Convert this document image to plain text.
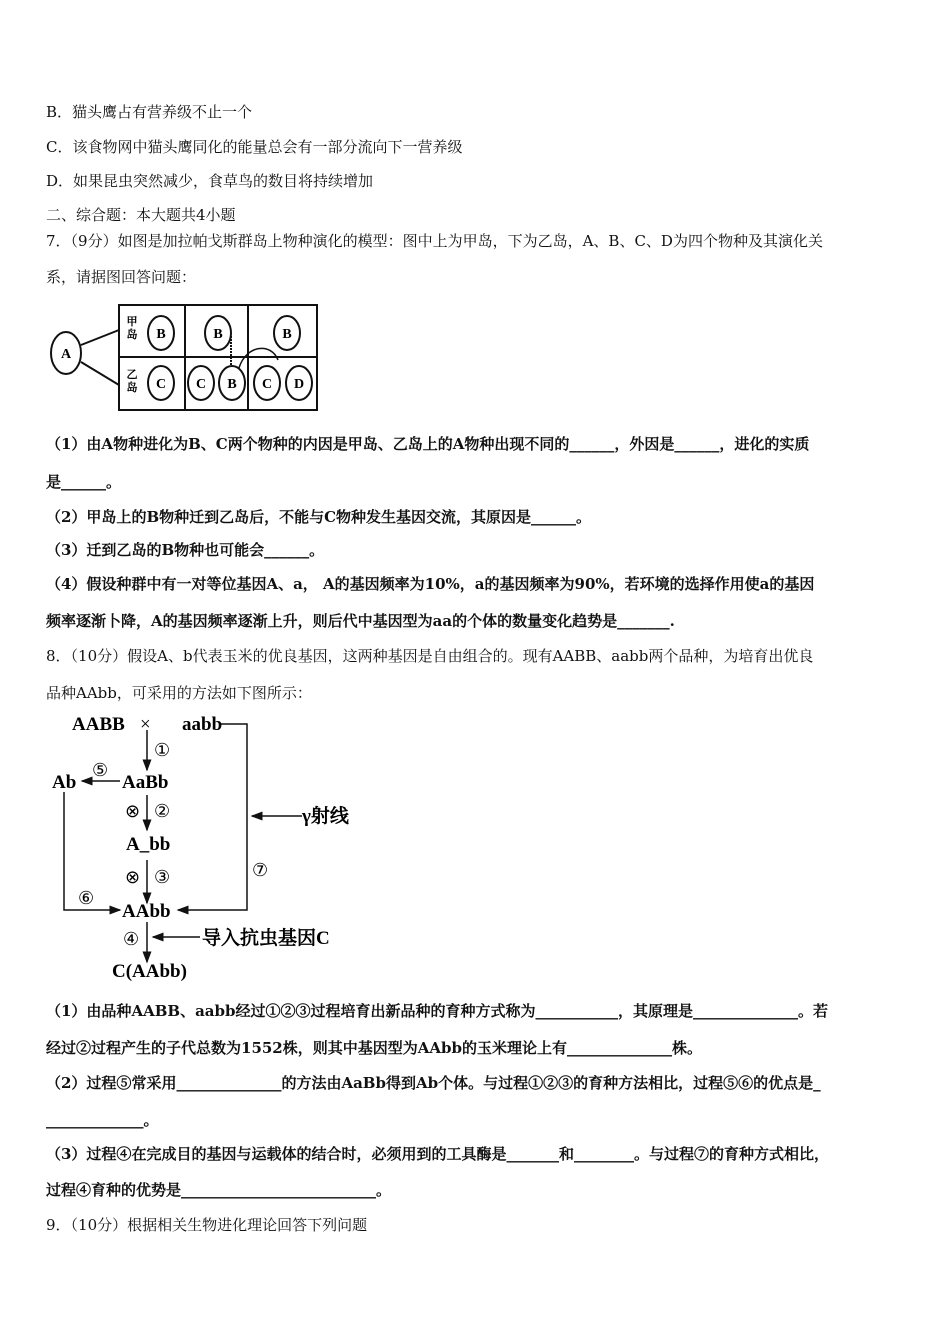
B．猫头鹰占有营养级不止一个
C．该食物网中猫头鹰同化的能量总会有一部分流向下一营养级
D．如果昆虫突然减少，食草鸟的数目将持续增加
二、综合题：本大题共4小题
7．（9分）如图是加拉帕戈斯群岛上物种演化的模型：图中上为甲岛，下为乙岛，A、B、C、D为四个物种及其演化关
系，请据图回答问题：
A
B	B	B
C C B C D
甲
岛
乙
岛
（1）由A物种进化为B、C两个物种的内因是甲岛、乙岛上的A物种出现不同的______，外因是______，进化的实质
是______。
（2）甲岛上的B物种迁到乙岛后，不能与C物种发生基因交流，其原因是______。
（3）迁到乙岛的B物种也可能会______。
（4）假设种群中有一对等位基因A、a， A的基因频率为10%，a的基因频率为90%，若环境的选择作用使a的基因
频率逐渐卜降，A的基因频率逐渐上升，则后代中基因型为aa的个体的数量变化趋势是_______.
8．（10分）假设A、b代表玉米的优良基因，这两种基因是自由组合的。现有AABB、aabb两个品种，为培育出优良
品种AAbb，可采用的方法如下图所示：
AABB × aabb
AaBb
Ab
A_bb
AAbb
C(AAbb)
γ射线
导入抗虫基因C
①
②
③
④
⑤
⑥
⑦
⊗
⊗
（1）由品种AABB、aabb经过①②③过程培育出新品种的育种方式称为___________，其原理是______________。若
经过②过程产生的子代总数为1552株，则其中基因型为AAbb的玉米理论上有______________株。
（2）过程⑤常采用______________的方法由AaBb得到Ab个体。与过程①②③的育种方法相比，过程⑤⑥的优点是_
_____________。
（3）过程④在完成目的基因与运载体的结合时，必须用到的工具酶是_______和________。与过程⑦的育种方式相比，
过程④育种的优势是__________________________。
9．（10分）根据相关生物进化理论回答下列问题
